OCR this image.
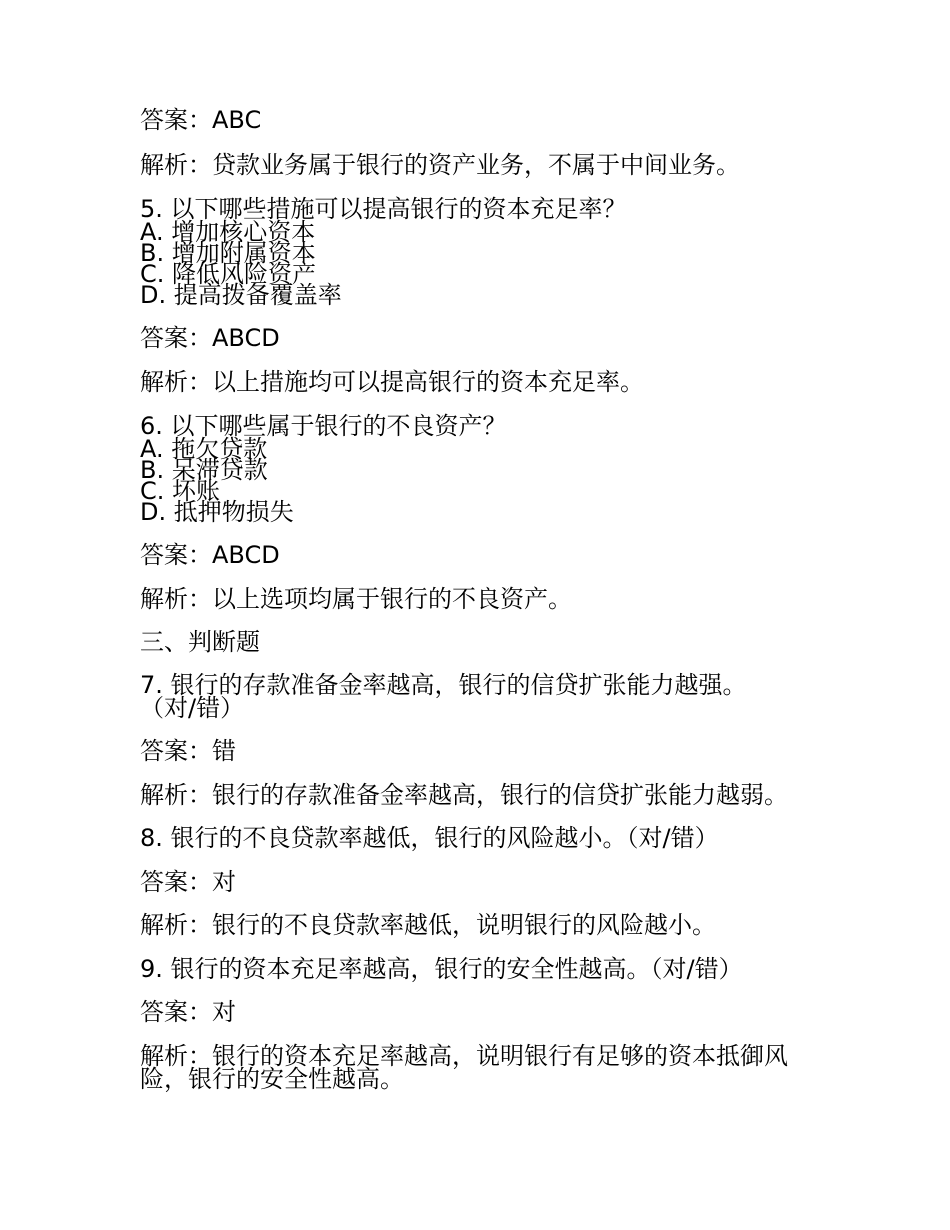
答案：ABC
解析：贷款业务属于银行的资产业务，不属于中间业务。
5. 以下哪些措施可以提高银行的资本充足率？
A. 增加核心资本
B. 增加附属资本
C. 降低风险资产
D. 提高拨备覆盖率
答案：ABCD
解析：以上措施均可以提高银行的资本充足率。
6. 以下哪些属于银行的不良资产？
A. 拖欠贷款
B. 呆滞贷款
C. 坏账
D. 抵押物损失
答案：ABCD
解析：以上选项均属于银行的不良资产。
三、判断题
7. 银行的存款准备金率越高，银行的信贷扩张能力越强。
（对/错）
答案：错
解析：银行的存款准备金率越高，银行的信贷扩张能力越弱。
8. 银行的不良贷款率越低，银行的风险越小。（对/错）
答案：对
解析：银行的不良贷款率越低，说明银行的风险越小。
9. 银行的资本充足率越高，银行的安全性越高。（对/错）
答案：对
解析：银行的资本充足率越高，说明银行有足够的资本抵御风
险，银行的安全性越高。
